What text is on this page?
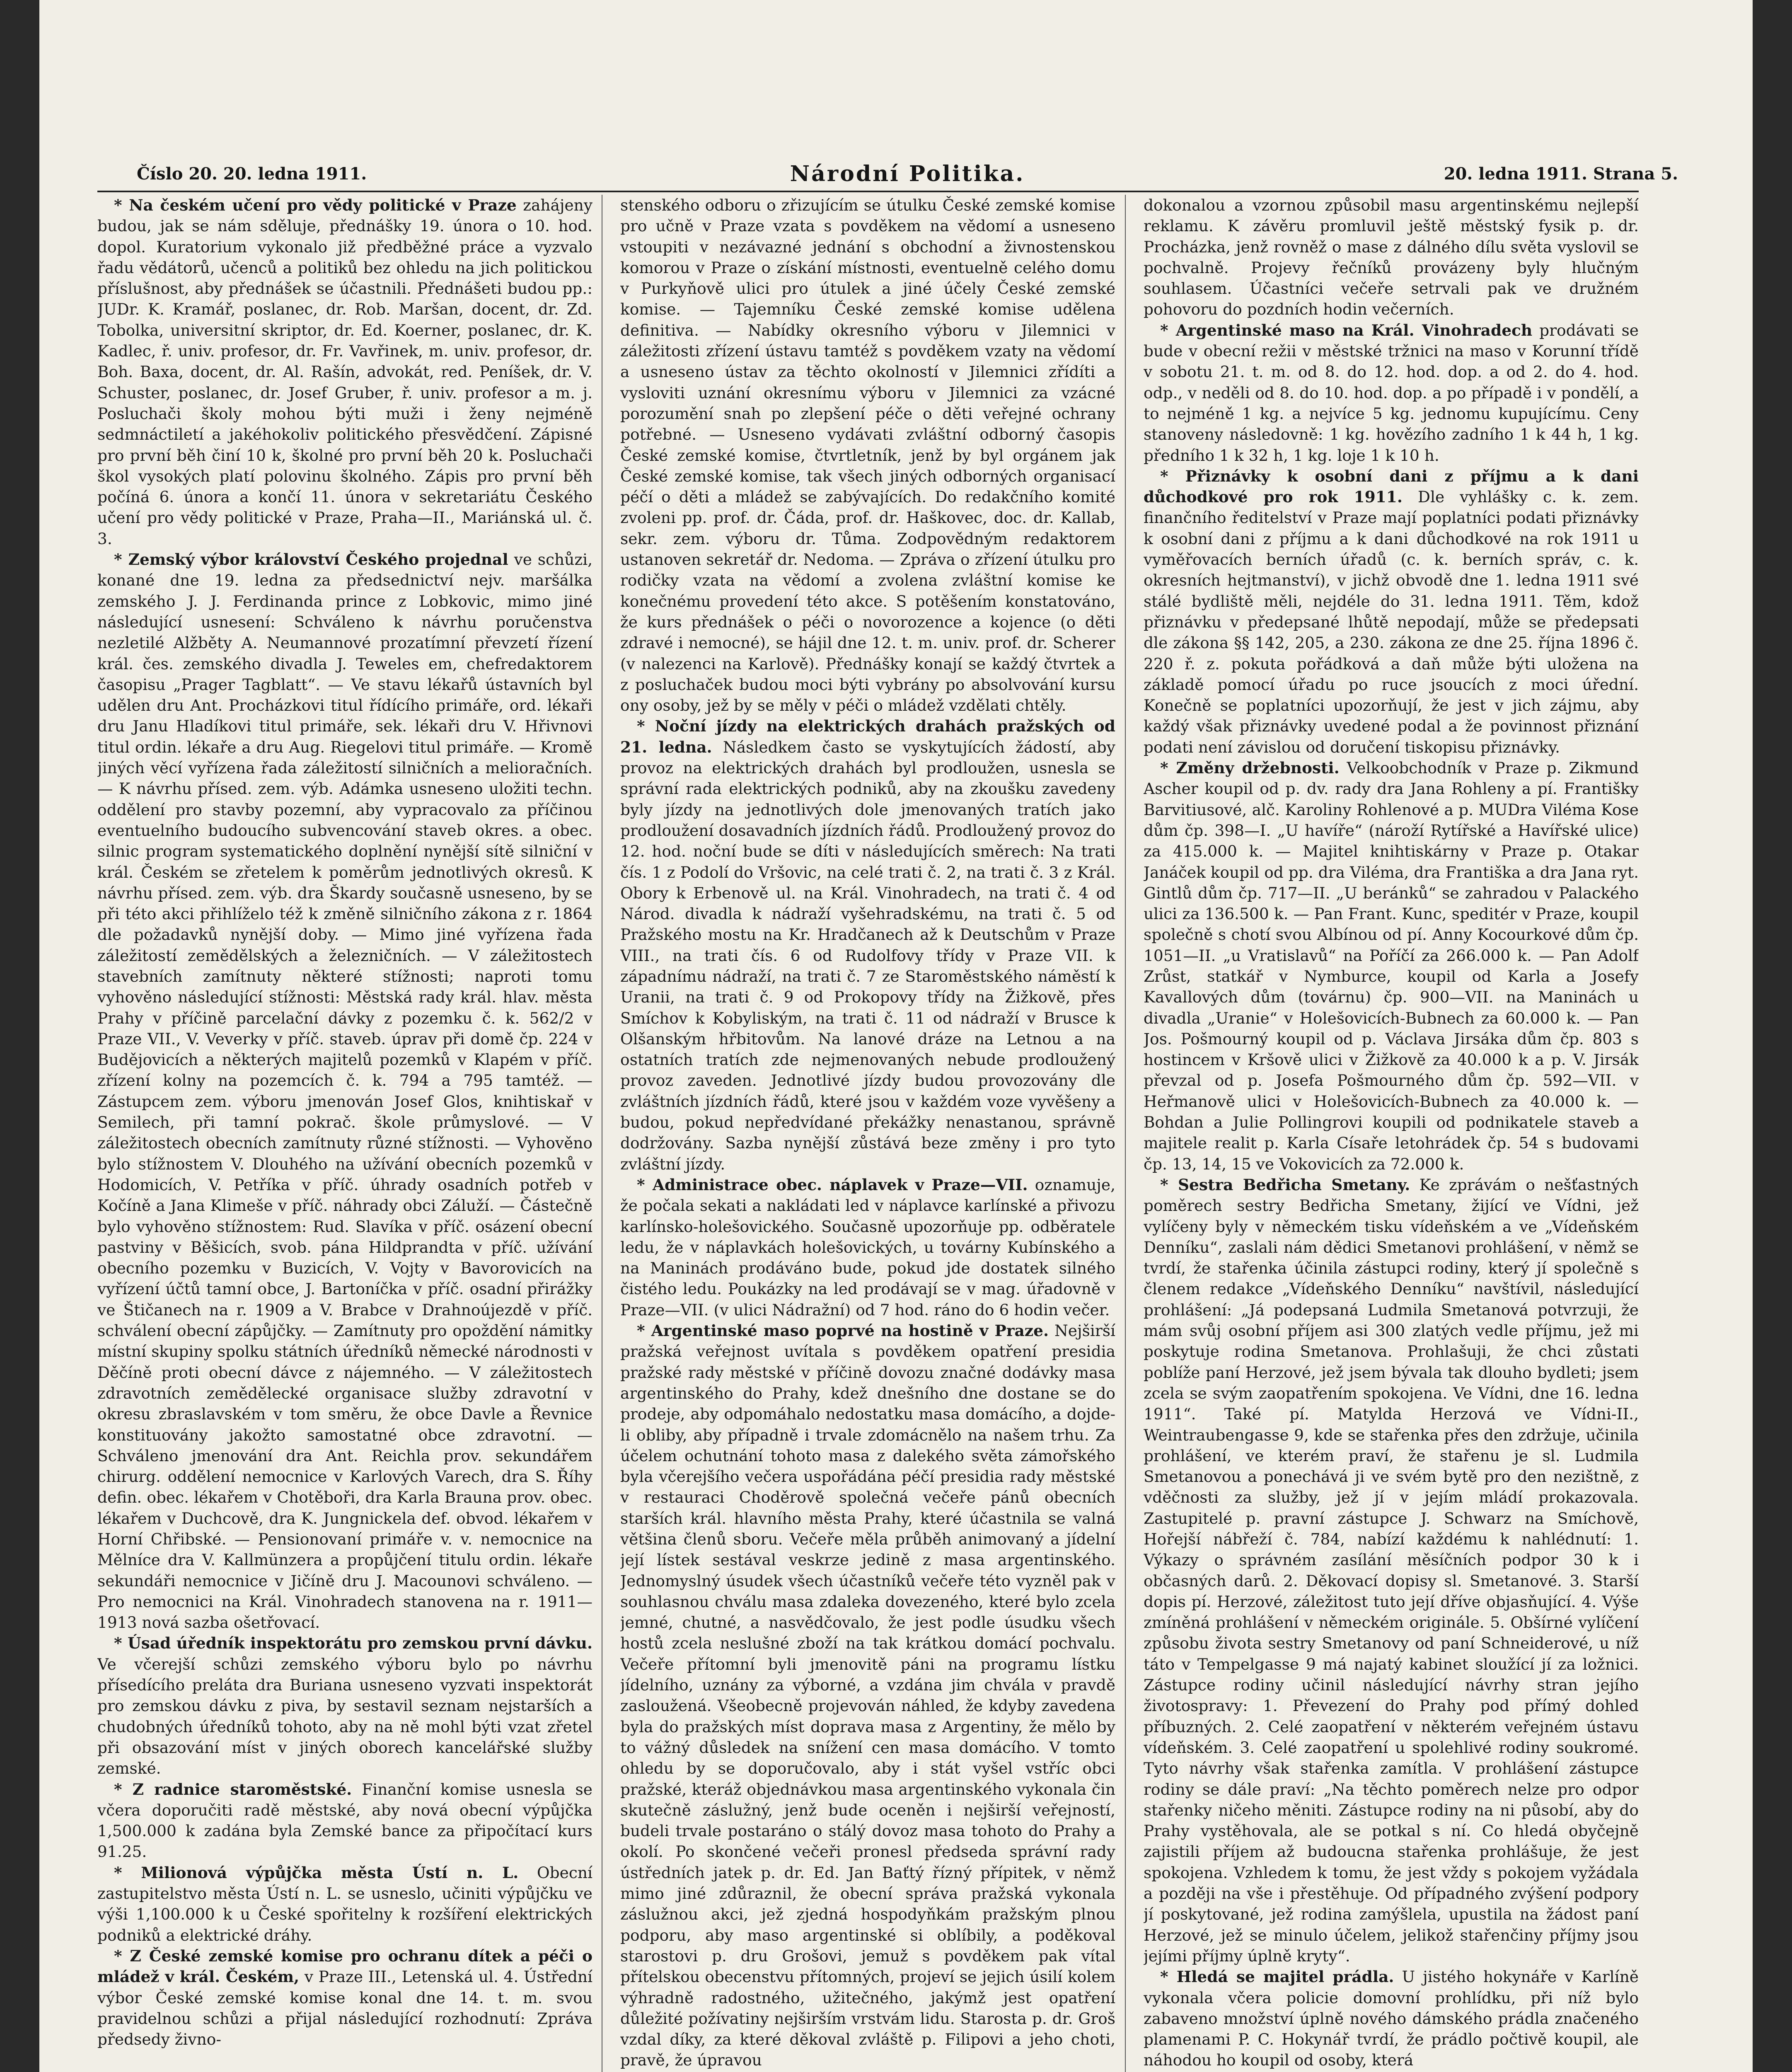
Číslo 20. 20. ledna 1911.	Národní Politika.	20. ledna 1911. Strana 5.

* Na českém učení pro vědy politické v Praze zahájeny budou, jak se nám sděluje, přednášky 19. února o 10. hod. dopol. Kuratorium vykonalo již předběžné práce a vyzvalo řadu vědátorů, učenců a politiků bez ohledu na jich politickou příslušnost, aby přednášek se účastnili. Přednášeti budou pp.: JUDr. K. Kramář, poslanec, dr. Rob. Maršan, docent, dr. Zd. Tobolka, universitní skriptor, dr. Ed. Koerner, poslanec, dr. K. Kadlec, ř. univ. profesor, dr. Fr. Vavřinek, m. univ. profesor, dr. Boh. Baxa, docent, dr. Al. Rašín, advokát, red. Peníšek, dr. V. Schuster, poslanec, dr. Josef Gruber, ř. univ. profesor a m. j. Posluchači školy mohou býti muži i ženy nejméně sedmnáctiletí a jakéhokoliv politického přesvědčení. Zápisné pro první běh činí 10 k, školné pro první běh 20 k. Posluchači škol vysokých platí polovinu školného. Zápis pro první běh počíná 6. února a končí 11. února v sekretariátu Českého učení pro vědy politické v Praze, Praha—II., Mariánská ul. č. 3.

* Zemský výbor království Českého projednal ve schůzi, konané dne 19. ledna za předsednictví nejv. maršálka zemského J. J. Ferdinanda prince z Lobkovic, mimo jiné následující usnesení: Schváleno k návrhu poručenstva nezletilé Alžběty A. Neumannové prozatímní převzetí řízení král. čes. zemského divadla J. Teweles em, chefredaktorem časopisu „Prager Tagblatt“. — Ve stavu lékařů ústavních byl udělen dru Ant. Procházkovi titul řídícího primáře, ord. lékaři dru Janu Hladíkovi titul primáře, sek. lékaři dru V. Hřivnovi titul ordin. lékaře a dru Aug. Riegelovi titul primáře. — Kromě jiných věcí vyřízena řada záležitostí silničních a melioračních. — K návrhu přísed. zem. výb. Adámka usneseno uložiti techn. oddělení pro stavby pozemní, aby vypracovalo za příčinou eventuelního budoucího subvencování staveb okres. a obec. silnic program systematického doplnění nynější sítě silniční v král. Českém se zřetelem k poměrům jednotlivých okresů. K návrhu přísed. zem. výb. dra Škardy současně usneseno, by se při této akci přihlíželo též k změně silničního zákona z r. 1864 dle požadavků nynější doby. — Mimo jiné vyřízena řada záležitostí zemědělských a železničních. — V záležitostech stavebních zamítnuty některé stížnosti; naproti tomu vyhověno následující stížnosti: Městská rady král. hlav. města Prahy v příčině parcelační dávky z pozemku č. k. 562/2 v Praze VII., V. Veverky v příč. staveb. úprav při domě čp. 224 v Budějovicích a některých majitelů pozemků v Klapém v příč. zřízení kolny na pozemcích č. k. 794 a 795 tamtéž. — Zástupcem zem. výboru jmenován Josef Glos, knihtiskař v Semilech, při tamní pokrač. škole průmyslové. — V záležitostech obecních zamítnuty různé stížnosti. — Vyhověno bylo stížnostem V. Dlouhého na užívání obecních pozemků v Hodomicích, V. Petříka v příč. úhrady osadních potřeb v Kočíně a Jana Klimeše v příč. náhrady obci Záluží. — Částečně bylo vyhověno stížnostem: Rud. Slavíka v příč. osázení obecní pastviny v Běšicích, svob. pána Hildprandta v příč. užívání obecního pozemku v Buzicích, V. Vojty v Bavorovicích na vyřízení účtů tamní obce, J. Bartoníčka v příč. osadní přirážky ve Štičanech na r. 1909 a V. Brabce v Drahnoújezdě v příč. schválení obecní zápůjčky. — Zamítnuty pro opoždění námitky místní skupiny spolku státních úředníků německé národnosti v Děčíně proti obecní dávce z nájemného. — V záležitostech zdravotních zemědělecké organisace služby zdravotní v okresu zbraslavském v tom směru, že obce Davle a Řevnice konstituovány jakožto samostatné obce zdravotní. — Schváleno jmenování dra Ant. Reichla prov. sekundářem chirurg. oddělení nemocnice v Karlových Varech, dra S. Říhy defin. obec. lékařem v Chotěboři, dra Karla Brauna prov. obec. lékařem v Duchcově, dra K. Jungnickela def. obvod. lékařem v Horní Chřibské. — Pensionovaní primáře v. v. nemocnice na Mělníce dra V. Kallmünzera a propůjčení titulu ordin. lékaře sekundáři nemocnice v Jičíně dru J. Macounovi schváleno. — Pro nemocnici na Král. Vinohradech stanovena na r. 1911—1913 nová sazba ošetřovací.

* Úsad úředník inspektorátu pro zemskou první dávku. Ve včerejší schůzi zemského výboru bylo po návrhu přísedícího preláta dra Buriana usneseno vyzvati inspektorát pro zemskou dávku z piva, by sestavil seznam nejstarších a chudobných úředníků tohoto, aby na ně mohl býti vzat zřetel při obsazování míst v jiných oborech kancelářské služby zemské.

* Z radnice staroměstské. Finanční komise usnesla se včera doporučiti radě městské, aby nová obecní výpůjčka 1,500.000 k zadána byla Zemské bance za připočítací kurs 91.25.

* Milionová výpůjčka města Ústí n. L. Obecní zastupitelstvo města Ústí n. L. se usneslo, učiniti výpůjčku ve výši 1,100.000 k u České spořitelny k rozšíření elektrických podniků a elektrické dráhy.

* Z České zemské komise pro ochranu dítek a péči o mládež v král. Českém, v Praze III., Letenská ul. 4. Ústřední výbor České zemské komise konal dne 14. t. m. svou pravidelnou schůzi a přijal následující rozhodnutí: Zpráva předsedy živno-

stenského odboru o zřizujícím se útulku České zemské komise pro učně v Praze vzata s povděkem na vědomí a usneseno vstoupiti v nezávazné jednání s obchodní a živnostenskou komorou v Praze o získání místnosti, eventuelně celého domu v Purkyňově ulici pro útulek a jiné účely České zemské komise. — Tajemníku České zemské komise udělena definitiva. — Nabídky okresního výboru v Jilemnici v záležitosti zřízení ústavu tamtéž s povděkem vzaty na vědomí a usneseno ústav za těchto okolností v Jilemnici zřídíti a vysloviti uznání okresnímu výboru v Jilemnici za vzácné porozumění snah po zlepšení péče o děti veřejné ochrany potřebné. — Usneseno vydávati zvláštní odborný časopis České zemské komise, čtvrtletník, jenž by byl orgánem jak České zemské komise, tak všech jiných odborných organisací péčí o děti a mládež se zabývajících. Do redakčního komité zvoleni pp. prof. dr. Čáda, prof. dr. Haškovec, doc. dr. Kallab, sekr. zem. výboru dr. Tůma. Zodpovědným redaktorem ustanoven sekretář dr. Nedoma. — Zpráva o zřízení útulku pro rodičky vzata na vědomí a zvolena zvláštní komise ke konečnému provedení této akce. S potěšením konstatováno, že kurs přednášek o péči o novorozence a kojence (o děti zdravé i nemocné), se hájil dne 12. t. m. univ. prof. dr. Scherer (v nalezenci na Karlově). Přednášky konají se každý čtvrtek a z posluchaček budou moci býti vybrány po absolvování kursu ony osoby, jež by se měly v péči o mládež vzdělati chtěly.

* Noční jízdy na elektrických drahách pražských od 21. ledna. Následkem často se vyskytujících žádostí, aby provoz na elektrických drahách byl prodloužen, usnesla se správní rada elektrických podniků, aby na zkoušku zavedeny byly jízdy na jednotlivých dole jmenovaných tratích jako prodloužení dosavadních jízdních řádů. Prodloužený provoz do 12. hod. noční bude se díti v následujících směrech: Na trati čís. 1 z Podolí do Vršovic, na celé trati č. 2, na trati č. 3 z Král. Obory k Erbenově ul. na Král. Vinohradech, na trati č. 4 od Národ. divadla k nádraží vyšehradskému, na trati č. 5 od Pražského mostu na Kr. Hradčanech až k Deutschům v Praze VIII., na trati čís. 6 od Rudolfovy třídy v Praze VII. k západnímu nádraží, na trati č. 7 ze Staroměstského náměstí k Uranii, na trati č. 9 od Prokopovy třídy na Žižkově, přes Smíchov k Kobyliským, na trati č. 11 od nádraží v Brusce k Olšanským hřbitovům. Na lanové dráze na Letnou a na ostatních tratích zde nejmenovaných nebude prodloužený provoz zaveden. Jednotlivé jízdy budou provozovány dle zvláštních jízdních řádů, které jsou v každém voze vyvěšeny a budou, pokud nepředvídané překážky nenastanou, správně dodržovány. Sazba nynější zůstává beze změny i pro tyto zvláštní jízdy.

* Administrace obec. náplavek v Praze—VII. oznamuje, že počala sekati a nakládati led v náplavce karlínské a přivozu karlínsko-holešovického. Současně upozorňuje pp. odběratele ledu, že v náplavkách holešovických, u továrny Kubínského a na Maninách prodáváno bude, pokud jde dostatek silného čistého ledu. Poukázky na led prodávají se v mag. úřadovně v Praze—VII. (v ulici Nádražní) od 7 hod. ráno do 6 hodin večer.

* Argentinské maso poprvé na hostině v Praze. Nejširší pražská veřejnost uvítala s povděkem opatření presidia pražské rady městské v příčině dovozu značné dodávky masa argentinského do Prahy, kdež dnešního dne dostane se do prodeje, aby odpomáhalo nedostatku masa domácího, a dojde-li obliby, aby případně i trvale zdomácnělo na našem trhu. Za účelem ochutnání tohoto masa z dalekého světa zámořského byla včerejšího večera uspořádána péčí presidia rady městské v restauraci Choděrově společná večeře pánů obecních starších král. hlavního města Prahy, které účastnila se valná většina členů sboru. Večeře měla průběh animovaný a jídelní její lístek sestával veskrze jedině z masa argentinského. Jednomyslný úsudek všech účastníků večeře této vyzněl pak v souhlasnou chválu masa zdaleka dovezeného, které bylo zcela jemné, chutné, a nasvědčovalo, že jest podle úsudku všech hostů zcela neslušné zboží na tak krátkou domácí pochvalu. Večeře přítomní byli jmenovitě páni na programu lístku jídelního, uznány za výborné, a vzdána jim chvála v pravdě zasloužená. Všeobecně projevován náhled, že kdyby zavedena byla do pražských míst doprava masa z Argentiny, že mělo by to vážný důsledek na snížení cen masa domácího. V tomto ohledu by se doporučovalo, aby i stát vyšel vstříc obci pražské, kteráž objednávkou masa argentinského vykonala čin skutečně záslužný, jenž bude oceněn i nejširší veřejností, budeli trvale postaráno o stálý dovoz masa tohoto do Prahy a okolí. Po skončené večeři pronesl předseda správní rady ústředních jatek p. dr. Ed. Jan Baťtý řízný přípitek, v němž mimo jiné zdůraznil, že obecní správa pražská vykonala záslužnou akci, jež zjedná hospodyňkám pražským plnou podporu, aby maso argentinské si oblíbily, a poděkoval starostovi p. dru Grošovi, jemuž s povděkem pak vítal přítelskou obecenstvu přítomných, projeví se jejich úsilí kolem výhradně radostného, užitečného, jakýmž jest opatření důležité požívatiny nejširším vrstvám lidu. Starosta p. dr. Groš vzdal díky, za které děkoval zvláště p. Filipovi a jeho choti, pravě, že úpravou

dokonalou a vzornou způsobil masu argentinskému nejlepší reklamu. K závěru promluvil ještě městský fysik p. dr. Procházka, jenž rovněž o mase z dálného dílu světa vyslovil se pochvalně. Projevy řečníků provázeny byly hlučným souhlasem. Účastníci večeře setrvali pak ve družném pohovoru do pozdních hodin večerních.

* Argentinské maso na Král. Vinohradech prodávati se bude v obecní režii v městské tržnici na maso v Korunní třídě v sobotu 21. t. m. od 8. do 12. hod. dop. a od 2. do 4. hod. odp., v neděli od 8. do 10. hod. dop. a po případě i v pondělí, a to nejméně 1 kg. a nejvíce 5 kg. jednomu kupujícímu. Ceny stanoveny následovně: 1 kg. hovězího zadního 1 k 44 h, 1 kg. předního 1 k 32 h, 1 kg. loje 1 k 10 h.

* Přiznávky k osobní dani z příjmu a k dani důchodkové pro rok 1911. Dle vyhlášky c. k. zem. finančního ředitelství v Praze mají poplatníci podati přiznávky k osobní dani z příjmu a k dani důchodkové na rok 1911 u vyměřovacích berních úřadů (c. k. berních správ, c. k. okresních hejtmanství), v jichž obvodě dne 1. ledna 1911 své stálé bydliště měli, nejdéle do 31. ledna 1911. Těm, kdož přiznávku v předepsané lhůtě nepodají, může se předepsati dle zákona §§ 142, 205, a 230. zákona ze dne 25. října 1896 č. 220 ř. z. pokuta pořádková a daň může býti uložena na základě pomocí úřadu po ruce jsoucích z moci úřední. Konečně se poplatníci upozorňují, že jest v jich zájmu, aby každý však přiznávky uvedené podal a že povinnost přiznání podati není závislou od doručení tiskopisu přiznávky.

* Změny držebnosti. Velkoobchodník v Praze p. Zikmund Ascher koupil od p. dv. rady dra Jana Rohleny a pí. Františky Barvitiusové, alč. Karoliny Rohlenové a p. MUDra Viléma Kose dům čp. 398—I. „U havíře“ (nároží Rytířské a Havířské ulice) za 415.000 k. — Majitel knihtiskárny v Praze p. Otakar Janáček koupil od pp. dra Viléma, dra Františka a dra Jana ryt. Gintlů dům čp. 717—II. „U beránků“ se zahradou v Palackého ulici za 136.500 k. — Pan Frant. Kunc, speditér v Praze, koupil společně s chotí svou Albínou od pí. Anny Kocourkové dům čp. 1051—II. „u Vratislavů“ na Poříčí za 266.000 k. — Pan Adolf Zrůst, statkář v Nymburce, koupil od Karla a Josefy Kavallových dům (továrnu) čp. 900—VII. na Maninách u divadla „Uranie“ v Holešovicích-Bubnech za 60.000 k. — Pan Jos. Pošmourný koupil od p. Václava Jirsáka dům čp. 803 s hostincem v Kršově ulici v Žižkově za 40.000 k a p. V. Jirsák převzal od p. Josefa Pošmourného dům čp. 592—VII. v Heřmanově ulici v Holešovicích-Bubnech za 40.000 k. — Bohdan a Julie Pollingrovi koupili od podnikatele staveb a majitele realit p. Karla Císaře letohrádek čp. 54 s budovami čp. 13, 14, 15 ve Vokovicích za 72.000 k.

* Sestra Bedřicha Smetany. Ke zprávám o nešťastných poměrech sestry Bedřicha Smetany, žijící ve Vídni, jež vylíčeny byly v německém tisku vídeňském a ve „Vídeňském Denníku“, zaslali nám dědici Smetanovi prohlášení, v němž se tvrdí, že stařenka účinila zástupci rodiny, který jí společně s členem redakce „Vídeňského Denníku“ navštívil, následující prohlášení: „Já podepsaná Ludmila Smetanová potvrzuji, že mám svůj osobní příjem asi 300 zlatých vedle příjmu, jež mi poskytuje rodina Smetanova. Prohlašuji, že chci zůstati poblíže paní Herzové, jež jsem bývala tak dlouho bydleti; jsem zcela se svým zaopatřením spokojena. Ve Vídni, dne 16. ledna 1911“. Také pí. Matylda Herzová ve Vídni-II., Weintraubengasse 9, kde se stařenka přes den zdržuje, učinila prohlášení, ve kterém praví, že stařenu je sl. Ludmila Smetanovou a ponechává ji ve svém bytě pro den nezištně, z vděčnosti za služby, jež jí v jejím mládí prokazovala. Zastupitelé p. pravní zástupce J. Schwarz na Smíchově, Hořejší nábřeží č. 784, nabízí každému k nahlédnutí: 1. Výkazy o správném zasílání měsíčních podpor 30 k i občasných darů. 2. Děkovací dopisy sl. Smetanové. 3. Starší dopis pí. Herzové, záležitost tuto její dříve objasňující. 4. Výše zmíněná prohlášení v německém originále. 5. Obšírné vylíčení způsobu života sestry Smetanovy od paní Schneiderové, u níž táto v Tempelgasse 9 má najatý kabinet sloužící jí za ložnici. Zástupce rodiny učinil následující návrhy stran jejího životospravy: 1. Převezení do Prahy pod přímý dohled příbuzných. 2. Celé zaopatření v některém veřejném ústavu vídeňském. 3. Celé zaopatření u spolehlivé rodiny soukromé. Tyto návrhy však stařenka zamítla. V prohlášení zástupce rodiny se dále praví: „Na těchto poměrech nelze pro odpor stařenky ničeho měniti. Zástupce rodiny na ni působí, aby do Prahy vystěhovala, ale se potkal s ní. Co hledá obyčejně zajistili příjem až budoucna stařenka prohlášuje, že jest spokojena. Vzhledem k tomu, že jest vždy s pokojem vyžádala a později na vše i přestěhuje. Od případného zvýšení podpory jí poskytované, jež rodina zamýšlela, upustila na žádost paní Herzové, jež se minulo účelem, jelikož stařenčiny příjmy jsou jejími příjmy úplně kryty“.

* Hledá se majitel prádla. U jistého hokynáře v Karlíně vykonala včera policie domovní prohlídku, při níž bylo zabaveno množství úplně nového dámského prádla značeného plamenami P. C. Hokynář tvrdí, že prádlo počtivě koupil, ale náhodou ho koupil od osoby, která
